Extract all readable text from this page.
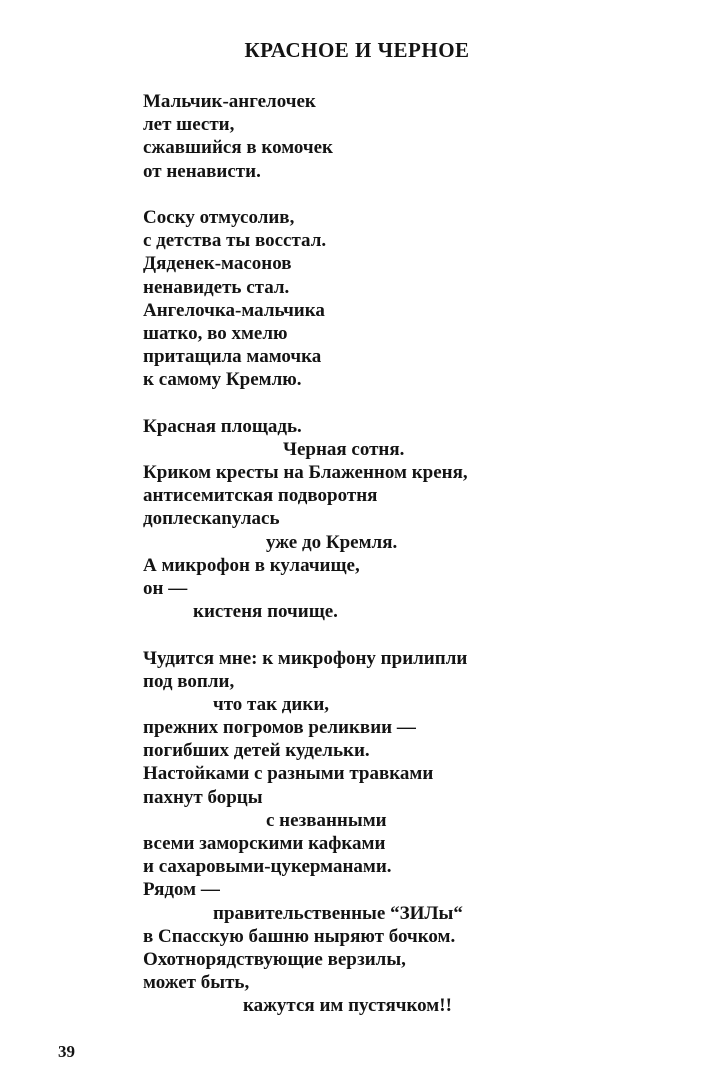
КРАСНОЕ И ЧЕРНОЕ
Мальчик-ангелочек
лет шести,
сжавшийся в комочек
от ненависти.
Соску отмусолив,
с детства ты восстал.
Дяденек-масонов
ненавидеть стал.
Ангелочка-мальчика
шатко, во хмелю
притащила мамочка
к самому Кремлю.
Красная площадь.
Черная сотня.
Криком кресты на Блаженном креня,
антисемитская подворотня
доплескanулась
уже до Кремля.
А микрофон в кулачище,
он —
кистеня почище.
Чудится мне: к микрофону прилипли
под вопли,
что так дики,
прежних погромов реликвии —
погибших детей кудельки.
Настойками с разными травками
пахнут борцы
с незванными
всеми заморскими кафками
и сахаровыми-цукерманами.
Рядом —
правительственные “ЗИЛы“
в Спасскую башню ныряют бочком.
Охотнорядствующие верзилы,
может быть,
кажутся им пустячком!!
39
